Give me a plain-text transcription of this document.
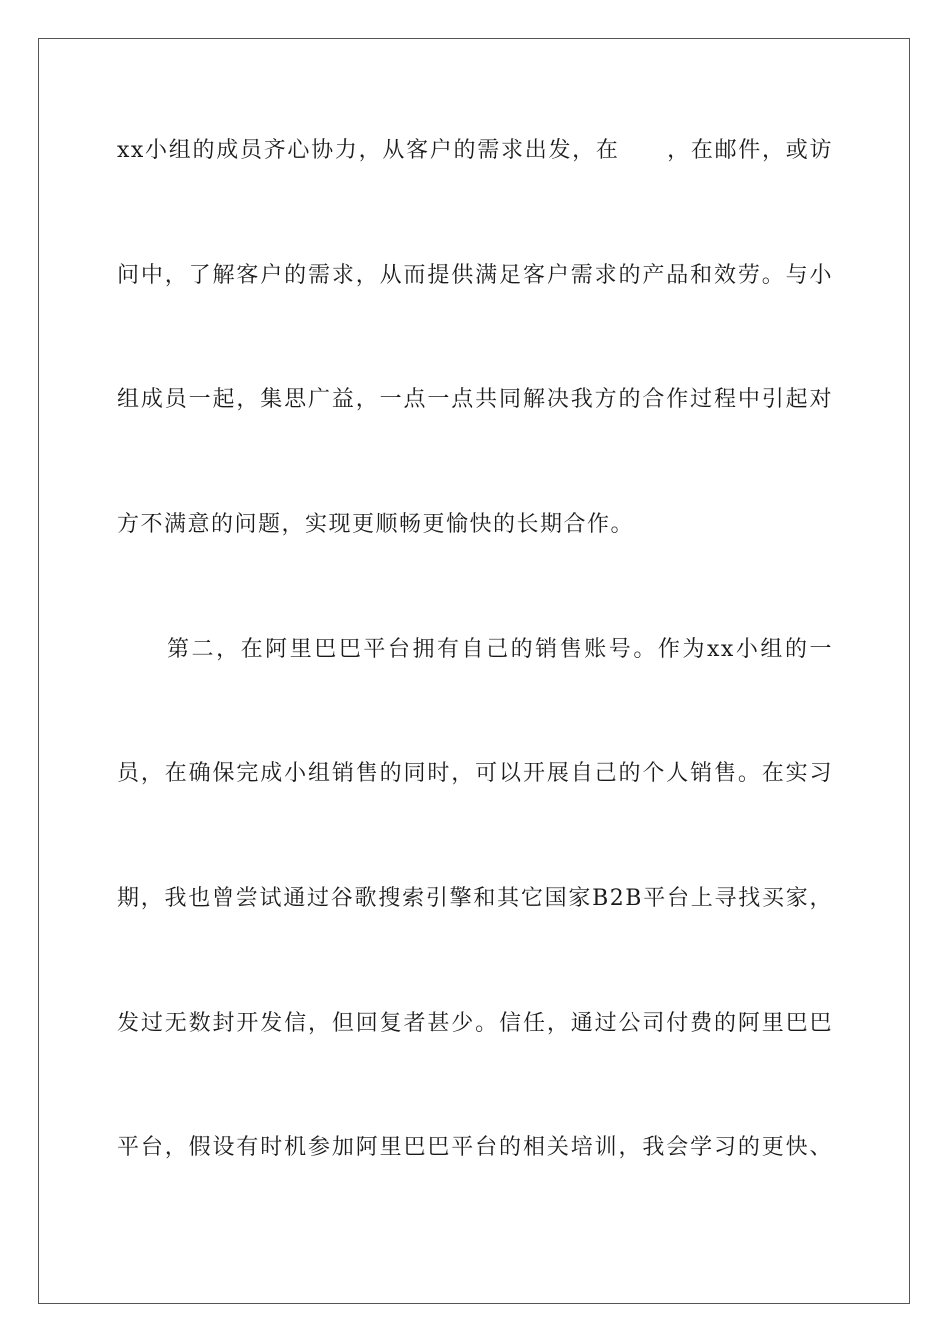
xx小组的成员齐心协力，从客户的需求出发，在　　，在邮件，或访
问中，了解客户的需求，从而提供满足客户需求的产品和效劳。与小
组成员一起，集思广益，一点一点共同解决我方的合作过程中引起对
方不满意的问题，实现更顺畅更愉快的长期合作。
第二，在阿里巴巴平台拥有自己的销售账号。作为xx小组的一
员，在确保完成小组销售的同时，可以开展自己的个人销售。在实习
期，我也曾尝试通过谷歌搜索引擎和其它国家B2B平台上寻找买家，
发过无数封开发信，但回复者甚少。信任，通过公司付费的阿里巴巴
平台，假设有时机参加阿里巴巴平台的相关培训，我会学习的更快、
